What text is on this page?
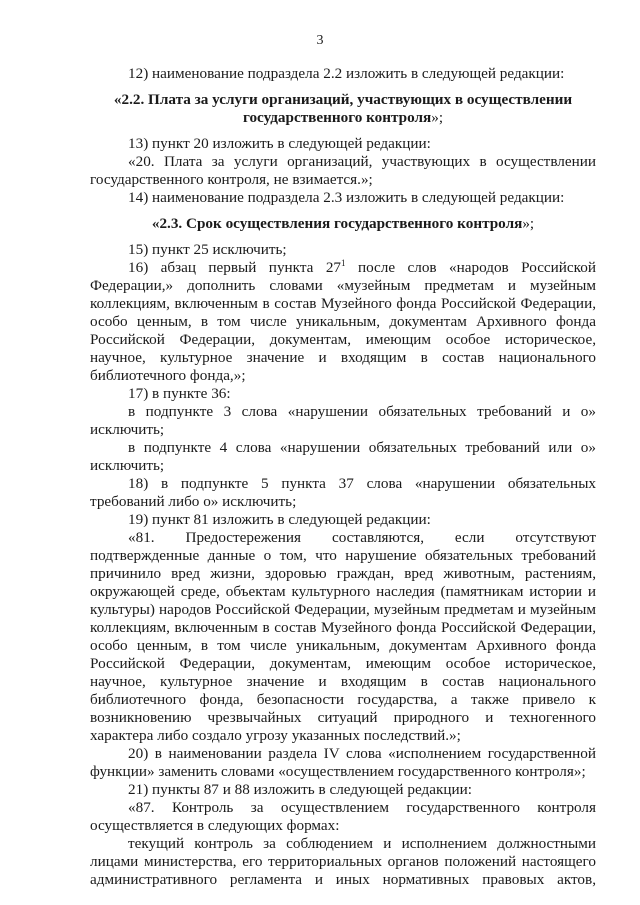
3

12) наименование подраздела 2.2 изложить в следующей редакции:

«2.2. Плата за услуги организаций, участвующих в осуществлении государственного контроля»;

13) пункт 20 изложить в следующей редакции:

«20. Плата за услуги организаций, участвующих в осуществлении государственного контроля, не взимается.»;

14) наименование подраздела 2.3 изложить в следующей редакции:

«2.3. Срок осуществления государственного контроля»;

15) пункт 25 исключить;

16) абзац первый пункта $27^1$ после слов «народов Российской Федерации,» дополнить словами «музейным предметам и музейным коллекциям, включенным в состав Музейного фонда Российской Федерации, особо ценным, в том числе уникальным, документам Архивного фонда Российской Федерации, документам, имеющим особое историческое, научное, культурное значение и входящим в состав национального библиотечного фонда,»;

17) в пункте 36:

в подпункте 3 слова «нарушении обязательных требований и о» исключить;

в подпункте 4 слова «нарушении обязательных требований или о» исключить;

18) в подпункте 5 пункта 37 слова «нарушении обязательных требований либо о» исключить;

19) пункт 81 изложить в следующей редакции:

«81. Предостережения составляются, если отсутствуют подтвержденные данные о том, что нарушение обязательных требований причинило вред жизни, здоровью граждан, вред животным, растениям, окружающей среде, объектам культурного наследия (памятникам истории и культуры) народов Российской Федерации, музейным предметам и музейным коллекциям, включенным в состав Музейного фонда Российской Федерации, особо ценным, в том числе уникальным, документам Архивного фонда Российской Федерации, документам, имеющим особое историческое, научное, культурное значение и входящим в состав национального библиотечного фонда, безопасности государства, а также привело к возникновению чрезвычайных ситуаций природного и техногенного характера либо создало угрозу указанных последствий.»;

20) в наименовании раздела IV слова «исполнением государственной функции» заменить словами «осуществлением государственного контроля»;

21) пункты 87 и 88 изложить в следующей редакции:

«87. Контроль за осуществлением государственного контроля осуществляется в следующих формах:

текущий контроль за соблюдением и исполнением должностными лицами министерства, его территориальных органов положений настоящего административного регламента и иных нормативных правовых актов,
